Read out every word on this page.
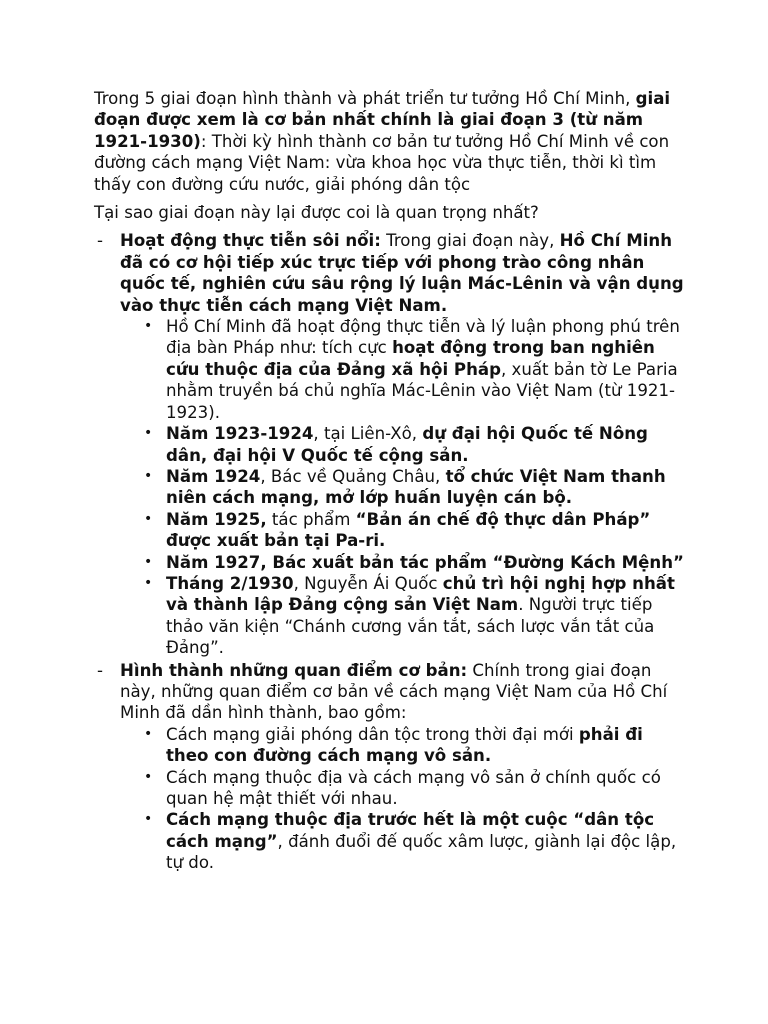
Trong 5 giai đoạn hình thành và phát triển tư tưởng Hồ Chí Minh, giai đoạn được xem là cơ bản nhất chính là giai đoạn 3 (từ năm 1921-1930): Thời kỳ hình thành cơ bản tư tưởng Hồ Chí Minh về con đường cách mạng Việt Nam: vừa khoa học vừa thực tiễn, thời kì tìm thấy con đường cứu nước, giải phóng dân tộc

Tại sao giai đoạn này lại được coi là quan trọng nhất?

- Hoạt động thực tiễn sôi nổi: Trong giai đoạn này, Hồ Chí Minh đã có cơ hội tiếp xúc trực tiếp với phong trào công nhân quốc tế, nghiên cứu sâu rộng lý luận Mác-Lênin và vận dụng vào thực tiễn cách mạng Việt Nam.
• Hồ Chí Minh đã hoạt động thực tiễn và lý luận phong phú trên địa bàn Pháp như: tích cực hoạt động trong ban nghiên cứu thuộc địa của Đảng xã hội Pháp, xuất bản tờ Le Paria nhằm truyền bá chủ nghĩa Mác-Lênin vào Việt Nam (từ 1921-1923).
• Năm 1923-1924, tại Liên-Xô, dự đại hội Quốc tế Nông dân, đại hội V Quốc tế cộng sản.
• Năm 1924, Bác về Quảng Châu, tổ chức Việt Nam thanh niên cách mạng, mở lớp huấn luyện cán bộ.
• Năm 1925, tác phẩm “Bản án chế độ thực dân Pháp” được xuất bản tại Pa-ri.
• Năm 1927, Bác xuất bản tác phẩm “Đường Kách Mệnh”
• Tháng 2/1930, Nguyễn Ái Quốc chủ trì hội nghị hợp nhất và thành lập Đảng cộng sản Việt Nam. Người trực tiếp thảo văn kiện “Chánh cương vắn tắt, sách lược vắn tắt của Đảng”.
- Hình thành những quan điểm cơ bản: Chính trong giai đoạn này, những quan điểm cơ bản về cách mạng Việt Nam của Hồ Chí Minh đã dần hình thành, bao gồm:
• Cách mạng giải phóng dân tộc trong thời đại mới phải đi theo con đường cách mạng vô sản.
• Cách mạng thuộc địa và cách mạng vô sản ở chính quốc có quan hệ mật thiết với nhau.
• Cách mạng thuộc địa trước hết là một cuộc “dân tộc cách mạng”, đánh đuổi đế quốc xâm lược, giành lại độc lập, tự do.
